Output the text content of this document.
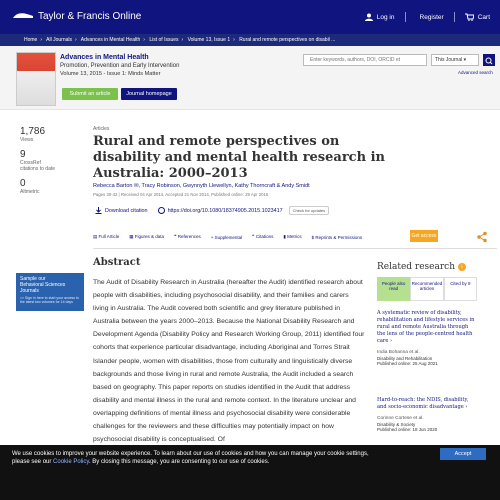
Taylor & Francis Online	Log in	Register	Cart
Home › All Journals › Advances in Mental Health › List of Issues › Volume 13, Issue 1 › Rural and remote perspectives on disabil ...
Advances in Mental Health
Promotion, Prevention and Early Intervention
Volume 13, 2015 - Issue 1: Minds Matter
Submit an article	Journal homepage
Enter keywords, authors, DOI, ORCID et
This Journal ▾
Advanced search
1,786
Views
9
CrossRef citations to date
0
Altmetric
Articles
Rural and remote perspectives on disability and mental health research in Australia: 2000–2013
Rebecca Barton ✉, Tracy Robinson, Gwynnyth Llewellyn, Kathy Thorncraft & Andy Smidt
Pages 30-42 | Received 04 Apr 2014, Accepted 21 Nov 2014, Published online: 29 Apr 2015
Download citation	https://doi.org/10.1080/18374905.2015.1023417	Check for updates
▤ Full Article ▦ Figures & data ❝ References + Supplemental ❞ Citations ▮ Metrics $ Reprints & Permissions	Get access
Sample our
Behavioral Sciences
Journals
>> Sign in here to start your access to the latest two volumes for 14 days
Abstract
The Audit of Disability Research in Australia (hereafter the Audit) identified research about people with disabilities, including psychosocial disability, and their families and carers living in Australia. The Audit covered both scientific and grey literature published in Australia between the years 2000–2013. Because the National Disability Research and Development Agenda (Disability Policy and Research Working Group, 2011) identified four cohorts that experience particular disadvantage, including Aboriginal and Torres Strait Islander people, women with disabilities, those from culturally and linguistically diverse backgrounds and those living in rural and remote Australia, the Audit included a search based on geography. This paper reports on studies identified in the Audit that address disability and mental illness in the rural and remote context. In the literature unclear and overlapping definitions of mental illness and psychosocial disability were considerable challenges for the reviewers and these difficulties may potentially impact on how psychosocial disability is conceptualised. Of
Related research i
People also read
Recommended articles
Cited by 9
A systematic review of disability, rehabilitation and lifestyle services in rural and remote Australia through the lens of the people-centred health care ›
India Bohanna et al.
Disability and Rehabilitation
Published online: 25 Aug 2021
Hard-to-reach: the NDIS, disability, and socio-economic disadvantage ›
Corinne Cortese et al.
Disability & Society
Published online: 18 Jun 2020
We use cookies to improve your website experience. To learn about our use of cookies and how you can manage your cookie settings,
please see our Cookie Policy. By closing this message, you are consenting to our use of cookies.
Accept
